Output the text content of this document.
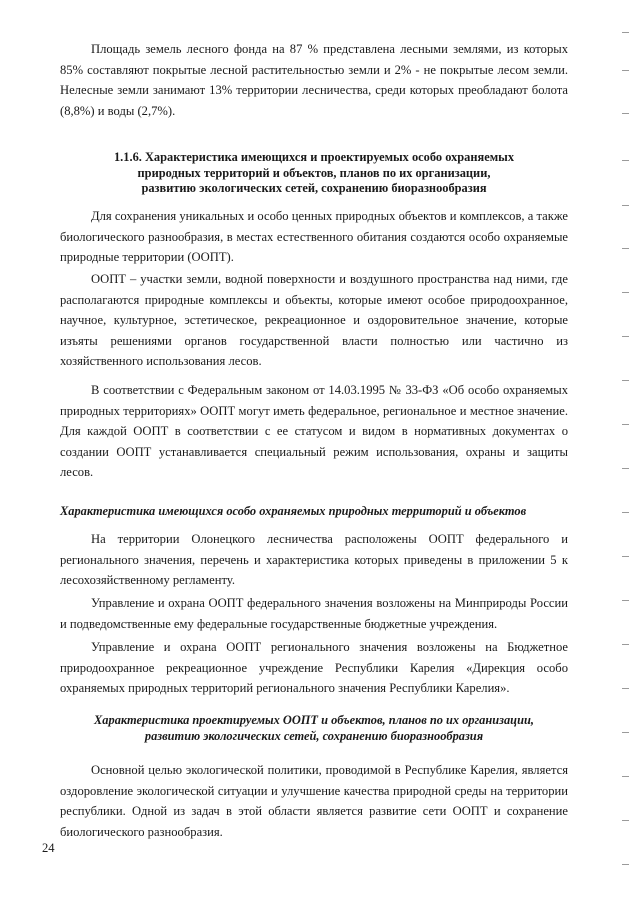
Площадь земель лесного фонда на 87 % представлена лесными землями, из которых 85% составляют покрытые лесной растительностью земли и 2% - не покрытые лесом земли. Нелесные земли занимают 13% территории лесничества, среди которых преобладают болота (8,8%) и воды (2,7%).

1.1.6. Характеристика имеющихся и проектируемых особо охраняемых

природных территорий и объектов, планов по их организации,

развитию экологических сетей, сохранению биоразнообразия

Для сохранения уникальных и особо ценных природных объектов и комплексов, а также биологического разнообразия, в местах естественного обитания создаются особо охраняемые природные территории (ООПТ).

ООПТ – участки земли, водной поверхности и воздушного пространства над ними, где располагаются природные комплексы и объекты, которые имеют особое природоохранное, научное, культурное, эстетическое, рекреационное и оздоровительное значение, которые изъяты решениями органов государственной власти полностью или частично из хозяйственного использования лесов.

В соответствии с Федеральным законом от 14.03.1995 № 33-ФЗ «Об особо охраняемых природных территориях» ООПТ могут иметь федеральное, региональное и местное значение. Для каждой ООПТ в соответствии с ее статусом и видом в нормативных документах о создании ООПТ устанавливается специальный режим использования, охраны и защиты лесов.

Характеристика имеющихся особо охраняемых природных территорий и объектов

На территории Олонецкого лесничества расположены ООПТ федерального и регионального значения, перечень и характеристика которых приведены в приложении 5 к лесохозяйственному регламенту.

Управление и охрана ООПТ федерального значения возложены на Минприроды России и подведомственные ему федеральные государственные бюджетные учреждения.

Управление и охрана ООПТ регионального значения возложены на Бюджетное природоохранное рекреационное учреждение Республики Карелия «Дирекция особо охраняемых природных территорий регионального значения Республики Карелия».

Характеристика проектируемых ООПТ и объектов, планов по их организации,

развитию экологических сетей, сохранению биоразнообразия

Основной целью экологической политики, проводимой в Республике Карелия, является оздоровление экологической ситуации и улучшение качества природной среды на территории республики. Одной из задач в этой области является развитие сети ООПТ и сохранение биологического разнообразия.

24
